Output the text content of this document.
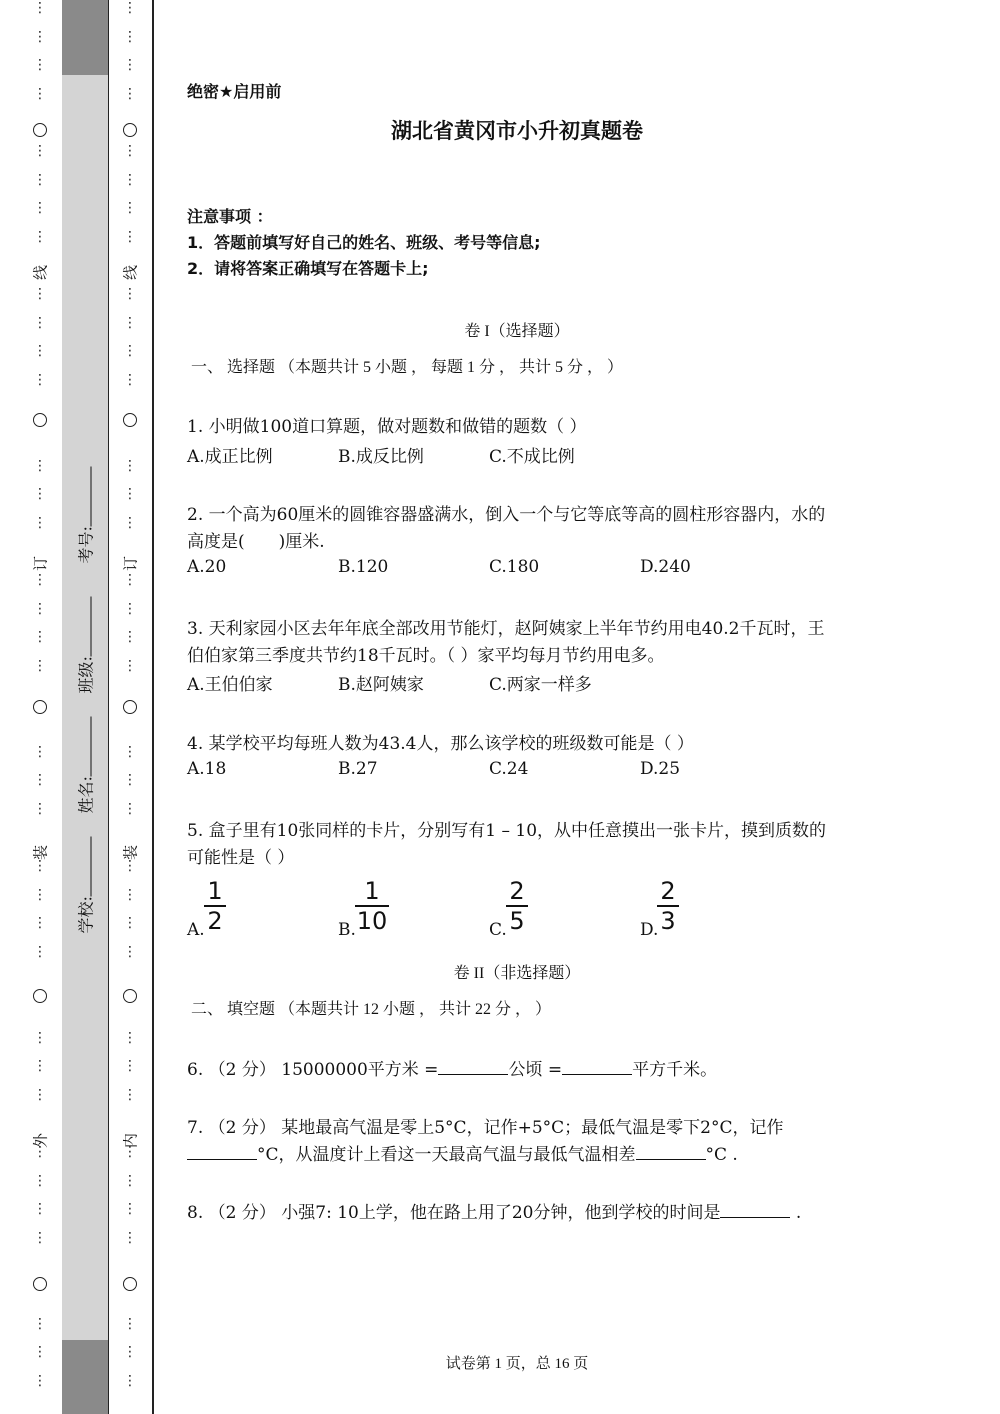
⋮
⋮
⋮
⋮
⋮
⋮
⋮
⋮
⋮
⋮
⋮
⋮
⋮
⋮
⋮
⋮
⋮
⋮
⋮
⋮
⋮
⋮
⋮
⋮
⋮
⋮
⋮
⋮
⋮
⋮
⋮
⋮
⋮
⋮
⋮
⋮
⋮
⋮
⋮
⋮
⋮
⋮
⋮
⋮
⋮
⋮
⋮
⋮
⋮
⋮
⋮
⋮
⋮
⋮
⋮
⋮
⋮
⋮
⋮
⋮
⋮
⋮
⋮
⋮
⋮
⋮
⋮
⋮
⋮
⋮
⋮
⋮
线
订
装
外
线
订
装
内
学校:
姓名:
班级:
考号:
绝密★启用前
湖北省黄冈市小升初真题卷
注意事项 ：
1．答题前填写好自己的姓名、班级、考号等信息;
2．请将答案正确填写在答题卡上;
卷 I（选择题）
一、 选择题 （本题共计 5 小题 ， 每题 1 分 ， 共计 5 分 ， ）
1. 小明做100道口算题，做对题数和做错的题数（ ）
A.成正比例	B.成反比例	C.不成比例
2. 一个高为60厘米的圆锥容器盛满水，倒入一个与它等底等高的圆柱形容器内，水的
高度是(　　)厘米.
A.20	B.120	C.180	D.240
3. 天利家园小区去年年底全部改用节能灯，赵阿姨家上半年节约用电40.2千瓦时，王
伯伯家第三季度共节约18千瓦时。（ ）家平均每月节约用电多。
A.王伯伯家	B.赵阿姨家	C.两家一样多
4. 某学校平均每班人数为43.4人，那么该学校的班级数可能是（ ）
A.18	B.27	C.24	D.25
5. 盒子里有10张同样的卡片，分别写有1 – 10，从中任意摸出一张卡片，摸到质数的
可能性是（ ）
A.
1
2	B.
1
10	C.
2
5	D.
2
3
卷 II（非选择题）
二、 填空题 （本题共计 12 小题 ， 共计 22 分 ， ）
6. （2 分） 15000000平方米 =	公顷 =	平方千米。
7. （2 分） 某地最高气温是零上5°C，记作+5°C；最低气温是零下2°C，记作
°C，从温度计上看这一天最高气温与最低气温相差	°C .
8. （2 分） 小强7: 10上学，他在路上用了20分钟，他到学校的时间是	.
试卷第 1 页，总 16 页
